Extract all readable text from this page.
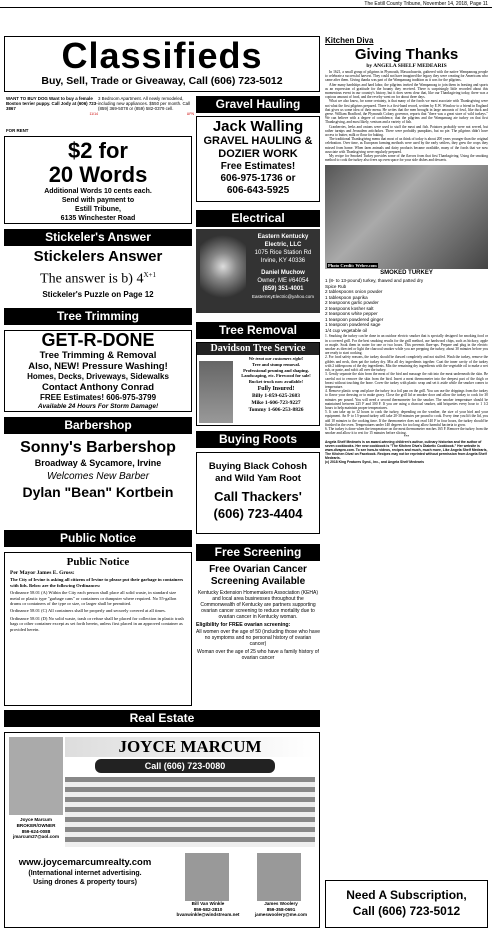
The Estill County Tribune, November 14, 2018, Page 11
Classifieds
Buy, Sell, Trade or Giveaway, Call (606) 723-5012
WANT TO BUY DOG Want to buy a female Boston terrier puppy. Call Jody at (606) 723-3867
11/14
3 Bedroom Apartment. All newly remodeled, including new appliances. $550 per month. Call (859) 369-5078 or (859) 582-0379 cell.
UFN
FOR RENT
$2 for
20 Words
Additional Words 10 cents each.
Send with payment to
Estill Tribune,
6135 Winchester Road
Stickeler's Answer
Stickelers Answer
The answer is b) $4^{X+1}$
Stickeler's Puzzle on Page 12
Tree Trimming
GET-R-DONE
Tree Trimming & Removal
Also, NEW! Pressure Washing!
Homes, Decks, Driveways, Sidewalks
Contact Anthony Conrad
FREE Estimates! 606-975-3799
Available 24 Hours For Storm Damage!
Barbershop
Sonny's Barbershop
Broadway & Sycamore, Irvine
Welcomes New Barber
Dylan "Bean" Kortbein
Public Notice
Public Notice
Per Mayor James E. Gross:
The City of Irvine is asking all citizens of Irvine to please put their garbage in containers with lids. Below are the following Ordinances:
Ordinance 58.01 (A) Within the City each person shall place all solid waste, in standard size metal or plastic type "garbage cans" or containers or dumpster where required. No 55-gallon drums or containers of the type or size, or larger shall be permitted.
Ordinance 58.01 (C) All containers shall be properly and securely covered at all times.
Ordinance 58.01 (D) No solid waste, trash or refuse shall be placed for collection in plastic trash bags or other container except as set forth herein, unless first placed in an approved container as provided herein.
Gravel Hauling
Jack Walling
GRAVEL HAULING &
DOZIER WORK
Free Estimates!
606-975-1736 or
606-643-5925
Electrical
Eastern Kentucky
Electric, LLC
1075 Rice Station Rd
Irvine, KY 40336
Daniel Muchow
Owner, ME #64054
(859) 351-4001
EasternKyElectric@yahoo.com
Tree Removal
Davidson Tree Service
We treat our customers right!
Tree and stump removal.
Professional pruning and shaping.
Landscaping, etc. Firewood for sale!
Bucket truck now available!
Fully Insured!
Billy 1-859-625-2683
Mike 1-606-723-9227
Tommy 1-606-253-8826
Buying Roots
Buying Black Cohosh
and Wild Yam Root
Call Thackers'
(606) 723-4404
Free Screening
Free Ovarian Cancer Screening Available
Kentucky Extension Homemakers Association (KEHA) and local area businesses throughout the Commonwealth of Kentucky are partners supporting ovarian cancer screening to reduce mortality due to ovarian cancer in Kentucky woman.
Eligibility for FREE ovarian screening:
All women over the age of 50 (including those who have no symptoms and no personal history of ovarian cancer)
Woman over the age of 25 who have a family history of ovarian cancer
Real Estate
JOYCE MARCUM
Call (606) 723-0080
Joyce Marcum
BROKER/OWNER
859-624-0088
jmarcum27@aol.com
www.joycemarcumrealty.com
(International internet advertising.
Using drones & property tours)
Bill Van Winkle
859-582-2810
bvanwinkle@windstream.net
James Woolery
859-358-0691
jameswoolery@me.com
Kitchen Diva
Giving Thanks
by ANGELA SHELF MEDEARIS
In 1621, a small group of pilgrims in Plymouth, Massachusetts, gathered with the native Wampanoag people to celebrate a successful harvest. They could not have imagined the legacy they were creating for Americans who came after them. Giving thanks was part of the Wampanoag tradition as it was for the pilgrims.
After many hardships and hard labor, the pilgrims invited the Wampanoag to join them in feasting and sports as an expression of gratitude for the bounty they received. There is surprisingly little recorded about this momentous event in our country's history, but it does seem clear that, like our Thanksgiving today, there was a copious amount of food, and the revelry went on for about three days.
What we also know, for some certainty, is that many of the foods we most associate with Thanksgiving were not what the first pilgrims prepared. There is a first-hand record, written by E.W. Winslow to a friend in England that gives us some idea of their menu. He writes that the men brought in large amounts of fowl, like duck and geese. William Bradford, the Plymouth Colony governor, reports that "there was a great store of wild turkeys." We can believe with a degree of confidence, that the pilgrims and the Wampanoag ate turkey on that first Thanksgiving, and most likely, venison and a variety of fish.
Cranberries, leeks and onions were used to stuff the meat and fish. Potatoes probably were not served, but rather turnips and Jerusalem artichokes. There were probably pumpkins, but no pie. The pilgrims didn't have access to butter, milk or flour for baking.
The traditional Thanksgiving menu that most of us think of today is about 200 years younger than the original celebration. Over time, as European farming methods were used by the early settlers, they grew the crops they missed from home. When farm animals and dairy products became available, many of the foods that we now associate with Thanksgiving were regularly prepared.
My recipe for Smoked Turkey provides some of the flavors from that first Thanksgiving. Using the smoking method to cook the turkey also frees up oven space for your side dishes and desserts.
Photo Credit: Webrr.com
SMOKED TURKEY
1 (8- to 13-pound) turkey, thawed and patted dry
Spice Rub
2 tablespoons onion powder
1 tablespoon paprika
2 teaspoons garlic powder
2 teaspoons kosher salt
2 teaspoons white pepper
1 teaspoon powdered ginger
1 teaspoon powdered sage
1/4 cup vegetable oil
1. Smoking the turkey can be done in an outdoor electric smoker that is specially designed for smoking food or in a covered grill. For the best smoking results for the grill method, use hardwood chips, such as hickory, apple or maple. Soak them in water for one or two hours. This prevents flare-ups. Prepare and plug in the electric smoker as directed or light the charcoal smoker while you are prepping the turkey, about 30 minutes before you are ready to start cooking.
2. For food safety reasons, the turkey should be thawed completely and not stuffed. Wash the turkey, remove the giblets and neck, then pat the turkey dry. Mix all dry ingredients together. Coat the inner cavity of the turkey with 2 tablespoons of the dry ingredients. Mix the remaining dry ingredients with the vegetable oil to make a wet rub, or paste, and rub it all over the turkey.
3. Gently separate the skin from the meat of the bird and massage the rub into the meat underneath the skin. Be careful not to remove the skin from the bird. Insert a meat thermometer into the deepest part of the thigh or breast without touching the bone. Cover the turkey with plastic wrap and set it aside while the smoker comes to temperature.
4. Remove plastic wrap and place the turkey in a foil pan on the grill. You can use the drippings from the turkey to flavor your dressing or to make gravy. Close the grill lid or smoker door and allow the turkey to cook for 30 minutes per pound. You will need a second thermometer for the smoker. The smoker temperature should be maintained between 225 F and 300 F. If you are using a charcoal smoker, add briquettes every hour to 1 1/2 hours to help maintain proper temperatures.
5. It can take up to 12 hours to cook the turkey, depending on the weather, the size of your bird and your equipment. An 8- to 13-pound turkey will take 20-30 minutes per pound to cook. Every time you lift the lid, you add 10 minutes to the cooking time. If the thermometer does not read 140 F in four hours, the turkey should be finished in the oven. Temperatures under 140 degrees for too long allow harmful bacteria to grow.
6. The turkey is done when the temperature on the meat thermometer reaches 165 F. Remove the turkey from the smoker and allow it to rest for 15 minutes before slicing.
***
Angela Shelf Medearis is an award-winning children's author, culinary historian and the author of seven cookbooks. Her new cookbook is "The Kitchen Diva's Diabetic Cookbook." Her website is www.divapro.com. To see how-to videos, recipes and much, much more, Like Angela Shelf Medearis, The Kitchen Diva! on Facebook. Recipes may not be reprinted without permission from Angela Shelf Medearis.
(c) 2018 King Features Synd., Inc., and Angela Shelf Medearis
Need A Subscription,
Call (606) 723-5012
